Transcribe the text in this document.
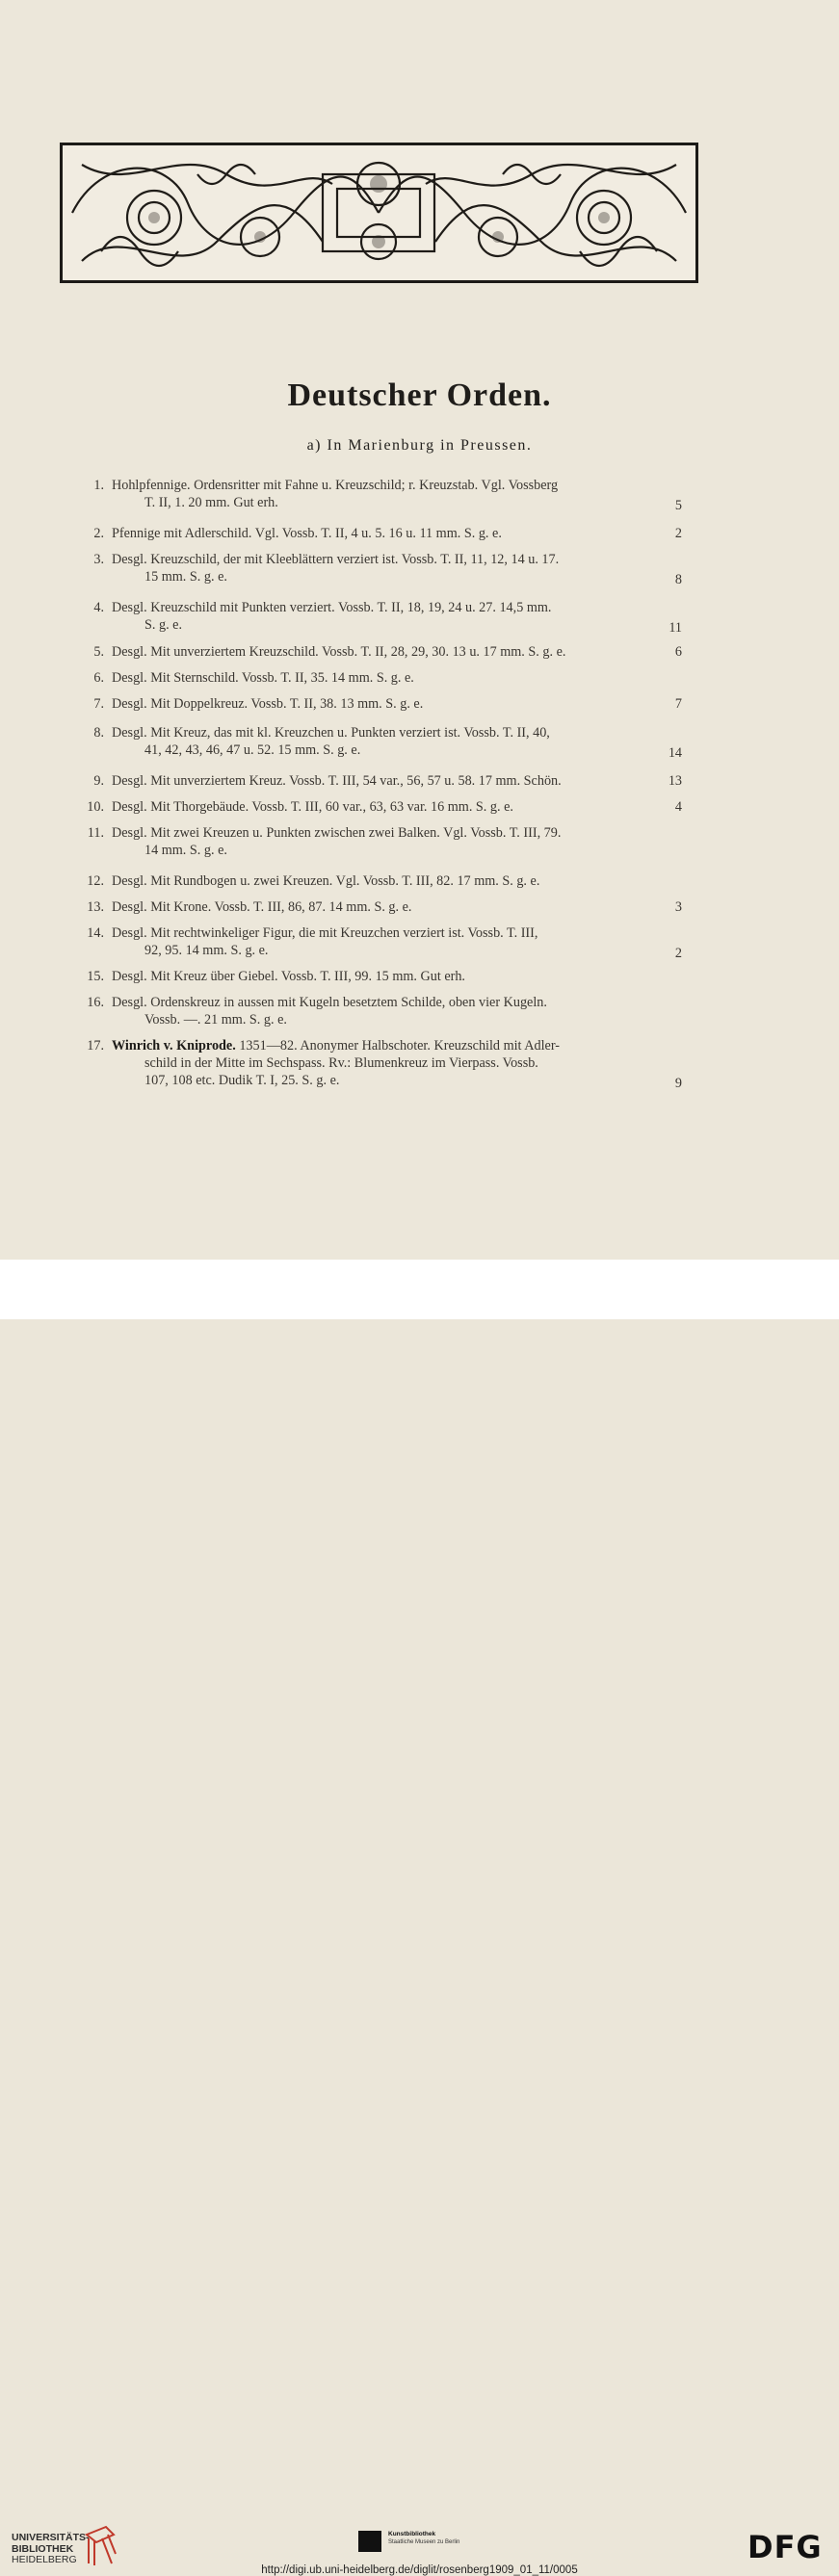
Deutscher Orden.
a) In Marienburg in Preussen.
1. Hohlpfennige. Ordensritter mit Fahne u. Kreuzschild; r. Kreuzstab. Vgl. Vossberg
T. II, 1. 20 mm. Gut erh.	5
2. Pfennige mit Adlerschild. Vgl. Vossb. T. II, 4 u. 5. 16 u. 11 mm. S. g. e.	2
3. Desgl. Kreuzschild, der mit Kleeblättern verziert ist. Vossb. T. II, 11, 12, 14 u. 17.
15 mm. S. g. e.	8
4. Desgl. Kreuzschild mit Punkten verziert. Vossb. T. II, 18, 19, 24 u. 27. 14,5 mm.
S. g. e.	11
5. Desgl. Mit unverziertem Kreuzschild. Vossb. T. II, 28, 29, 30. 13 u. 17 mm. S. g. e.	6
6. Desgl. Mit Sternschild. Vossb. T. II, 35. 14 mm. S. g. e.
7. Desgl. Mit Doppelkreuz. Vossb. T. II, 38. 13 mm. S. g. e.	7
8. Desgl. Mit Kreuz, das mit kl. Kreuzchen u. Punkten verziert ist. Vossb. T. II, 40,
41, 42, 43, 46, 47 u. 52. 15 mm. S. g. e.	14
9. Desgl. Mit unverziertem Kreuz. Vossb. T. III, 54 var., 56, 57 u. 58. 17 mm. Schön.	13
10. Desgl. Mit Thorgebäude. Vossb. T. III, 60 var., 63, 63 var. 16 mm. S. g. e.	4
11. Desgl. Mit zwei Kreuzen u. Punkten zwischen zwei Balken. Vgl. Vossb. T. III, 79.
14 mm. S. g. e.
12. Desgl. Mit Rundbogen u. zwei Kreuzen. Vgl. Vossb. T. III, 82. 17 mm. S. g. e.
13. Desgl. Mit Krone. Vossb. T. III, 86, 87. 14 mm. S. g. e.	3
14. Desgl. Mit rechtwinkeliger Figur, die mit Kreuzchen verziert ist. Vossb. T. III,
92, 95. 14 mm. S. g. e.	2
15. Desgl. Mit Kreuz über Giebel. Vossb. T. III, 99. 15 mm. Gut erh.
16. Desgl. Ordenskreuz in aussen mit Kugeln besetztem Schilde, oben vier Kugeln.
Vossb. —. 21 mm. S. g. e.
17. Winrich v. Kniprode. 1351—82. Anonymer Halbschoter. Kreuzschild mit Adler-
schild in der Mitte im Sechspass. Rv.: Blumenkreuz im Vierpass. Vossb.
107, 108 etc. Dudik T. I, 25. S. g. e.	9
UNIVERSITÄTS-
BIBLIOTHEK
HEIDELBERG
Kunstbibliothek
Staatliche Museen zu Berlin	DFG
http://digi.ub.uni-heidelberg.de/diglit/rosenberg1909_01_11/0005
